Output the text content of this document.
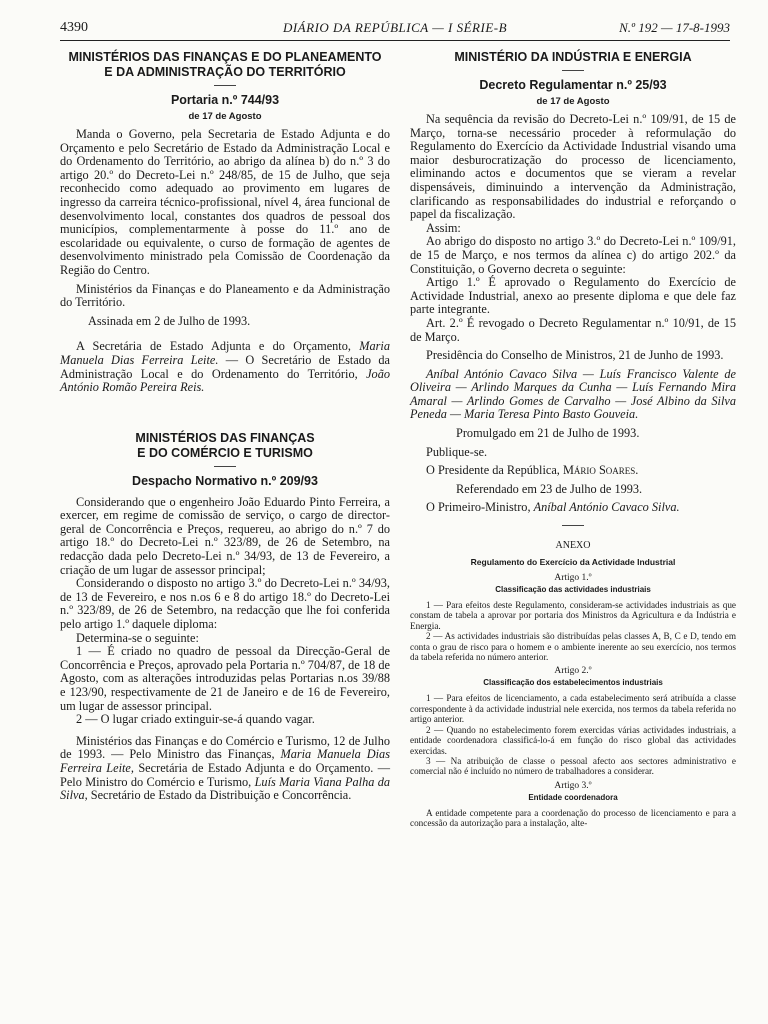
4390	DIÁRIO DA REPÚBLICA — I SÉRIE-B	N.º 192 — 17-8-1993
MINISTÉRIOS DAS FINANÇAS E DO PLANEAMENTO
E DA ADMINISTRAÇÃO DO TERRITÓRIO
Portaria n.º 744/93
de 17 de Agosto

Manda o Governo, pela Secretaria de Estado Adjunta e do Orçamento e pelo Secretário de Estado da Administração Local e do Ordenamento do Território, ao abrigo da alínea b) do n.º 3 do artigo 20.º do Decreto-Lei n.º 248/85, de 15 de Julho, que seja reconhecido como adequado ao provimento em lugares de ingresso da carreira técnico-profissional, nível 4, área funcional de desenvolvimento local, constantes dos quadros de pessoal dos municípios, complementarmente à posse do 11.º ano de escolaridade ou equivalente, o curso de formação de agentes de desenvolvimento ministrado pela Comissão de Coordenação da Região do Centro.

Ministérios da Finanças e do Planeamento e da Administração do Território.

Assinada em 2 de Julho de 1993.

A Secretária de Estado Adjunta e do Orçamento, Maria Manuela Dias Ferreira Leite. — O Secretário de Estado da Administração Local e do Ordenamento do Território, João António Romão Pereira Reis.

MINISTÉRIOS DAS FINANÇAS
E DO COMÉRCIO E TURISMO
Despacho Normativo n.º 209/93

Considerando que o engenheiro João Eduardo Pinto Ferreira, a exercer, em regime de comissão de serviço, o cargo de director-geral de Concorrência e Preços, requereu, ao abrigo do n.º 7 do artigo 18.º do Decreto-Lei n.º 323/89, de 26 de Setembro, na redacção dada pelo Decreto-Lei n.º 34/93, de 13 de Fevereiro, a criação de um lugar de assessor principal;

Considerando o disposto no artigo 3.º do Decreto-Lei n.º 34/93, de 13 de Fevereiro, e nos n.os 6 e 8 do artigo 18.º do Decreto-Lei n.º 323/89, de 26 de Setembro, na redacção que lhe foi conferida pelo artigo 1.º daquele diploma:

Determina-se o seguinte:

1 — É criado no quadro de pessoal da Direcção-Geral de Concorrência e Preços, aprovado pela Portaria n.º 704/87, de 18 de Agosto, com as alterações introduzidas pelas Portarias n.os 39/88 e 123/90, respectivamente de 21 de Janeiro e de 16 de Fevereiro, um lugar de assessor principal.

2 — O lugar criado extinguir-se-á quando vagar.

Ministérios das Finanças e do Comércio e Turismo, 12 de Julho de 1993. — Pelo Ministro das Finanças, Maria Manuela Dias Ferreira Leite, Secretária de Estado Adjunta e do Orçamento. — Pelo Ministro do Comércio e Turismo, Luís Maria Viana Palha da Silva, Secretário de Estado da Distribuição e Concorrência.

MINISTÉRIO DA INDÚSTRIA E ENERGIA
Decreto Regulamentar n.º 25/93
de 17 de Agosto

Na sequência da revisão do Decreto-Lei n.º 109/91, de 15 de Março, torna-se necessário proceder à reformulação do Regulamento do Exercício da Actividade Industrial visando uma maior desburocratização do processo de licenciamento, eliminando actos e documentos que se vieram a revelar dispensáveis, diminuindo a intervenção da Administração, clarificando as responsabilidades do industrial e reforçando o papel da fiscalização.

Assim:

Ao abrigo do disposto no artigo 3.º do Decreto-Lei n.º 109/91, de 15 de Março, e nos termos da alínea c) do artigo 202.º da Constituição, o Governo decreta o seguinte:

Artigo 1.º É aprovado o Regulamento do Exercício de Actividade Industrial, anexo ao presente diploma e que dele faz parte integrante.

Art. 2.º É revogado o Decreto Regulamentar n.º 10/91, de 15 de Março.

Presidência do Conselho de Ministros, 21 de Junho de 1993.

Aníbal António Cavaco Silva — Luís Francisco Valente de Oliveira — Arlindo Marques da Cunha — Luís Fernando Mira Amaral — Arlindo Gomes de Carvalho — José Albino da Silva Peneda — Maria Teresa Pinto Basto Gouveia.

Promulgado em 21 de Julho de 1993.

Publique-se.

O Presidente da República, Mário Soares.

Referendado em 23 de Julho de 1993.

O Primeiro-Ministro, Aníbal António Cavaco Silva.

ANEXO
Regulamento do Exercício da Actividade Industrial
Artigo 1.º
Classificação das actividades industriais

1 — Para efeitos deste Regulamento, consideram-se actividades industriais as que constam de tabela a aprovar por portaria dos Ministros da Agricultura e da Indústria e Energia.

2 — As actividades industriais são distribuídas pelas classes A, B, C e D, tendo em conta o grau de risco para o homem e o ambiente inerente ao seu exercício, nos termos da tabela referida no número anterior.

Artigo 2.º
Classificação dos estabelecimentos industriais

1 — Para efeitos de licenciamento, a cada estabelecimento será atribuída a classe correspondente à da actividade industrial nele exercida, nos termos da tabela referida no artigo anterior.

2 — Quando no estabelecimento forem exercidas várias actividades industriais, a entidade coordenadora classificá-lo-á em função do risco global das actividades exercidas.

3 — Na atribuição de classe o pessoal afecto aos sectores administrativo e comercial não é incluído no número de trabalhadores a considerar.

Artigo 3.º
Entidade coordenadora

A entidade competente para a coordenação do processo de licenciamento e para a concessão da autorização para a instalação, alte-
